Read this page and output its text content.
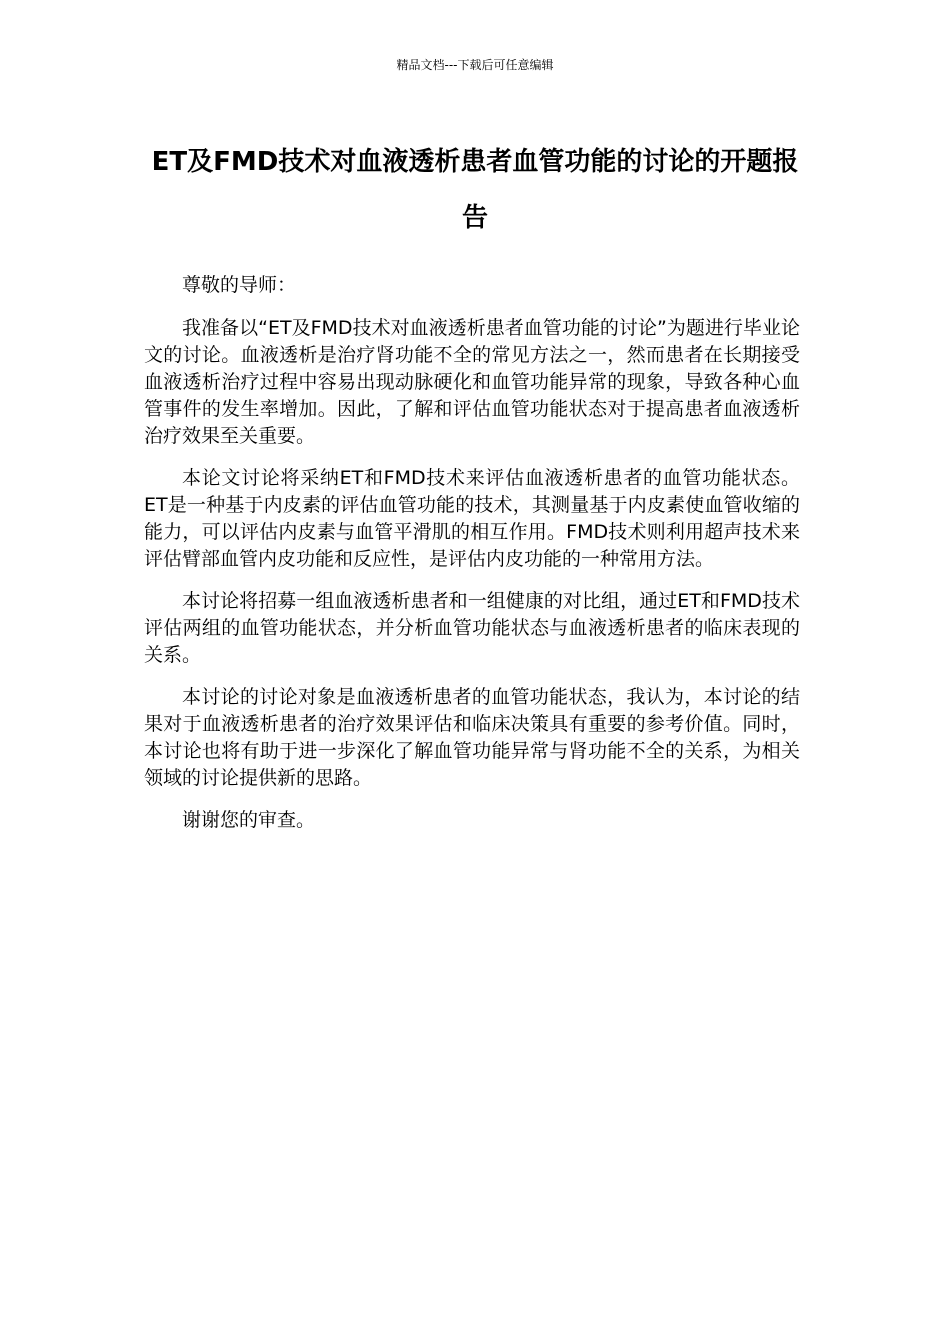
精品文档---下载后可任意编辑
ET及FMD技术对血液透析患者血管功能的讨论的开题报告

尊敬的导师：

我准备以“ET及FMD技术对血液透析患者血管功能的讨论”为题进行毕业论文的讨论。血液透析是治疗肾功能不全的常见方法之一，然而患者在长期接受血液透析治疗过程中容易出现动脉硬化和血管功能异常的现象，导致各种心血管事件的发生率增加。因此，了解和评估血管功能状态对于提高患者血液透析治疗效果至关重要。

本论文讨论将采纳ET和FMD技术来评估血液透析患者的血管功能状态。ET是一种基于内皮素的评估血管功能的技术，其测量基于内皮素使血管收缩的能力，可以评估内皮素与血管平滑肌的相互作用。FMD技术则利用超声技术来评估臂部血管内皮功能和反应性，是评估内皮功能的一种常用方法。

本讨论将招募一组血液透析患者和一组健康的对比组，通过ET和FMD技术评估两组的血管功能状态，并分析血管功能状态与血液透析患者的临床表现的关系。

本讨论的讨论对象是血液透析患者的血管功能状态，我认为，本讨论的结果对于血液透析患者的治疗效果评估和临床决策具有重要的参考价值。同时，本讨论也将有助于进一步深化了解血管功能异常与肾功能不全的关系，为相关领域的讨论提供新的思路。

谢谢您的审查。
